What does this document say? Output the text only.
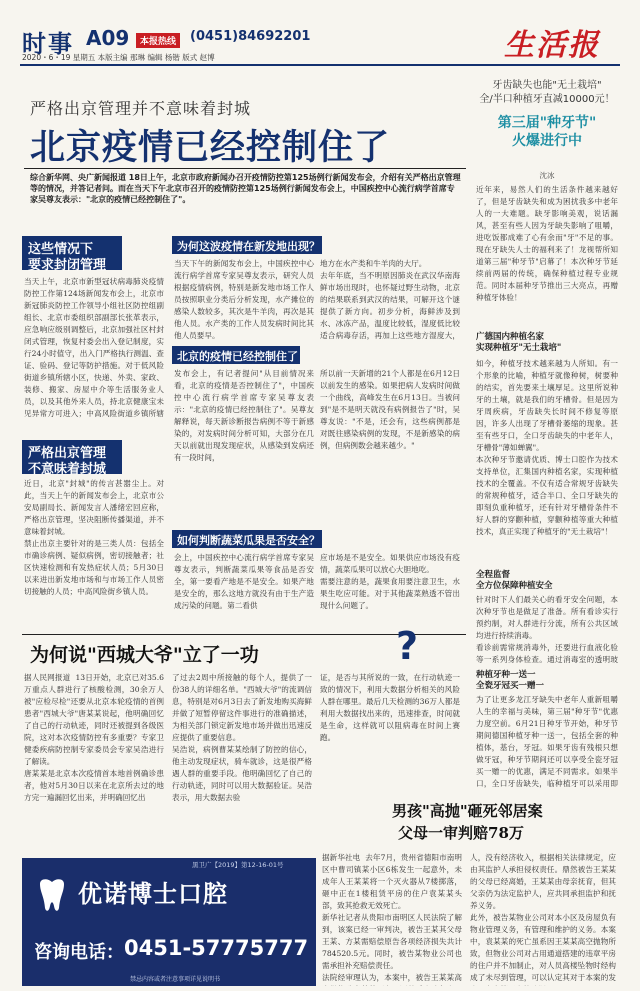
时事 A09	本报热线	(0451)84692201
2020・6・19 星期五 本版主编 那琳 编辑 杨锴 版式 赵博	生活报
严格出京管理并不意味着封城
北京疫情已经控制住了
综合新华网、央广新闻报道 18日上午，北京市政府新闻办召开疫情防控第125场例行新闻发布会，介绍有关严格出京管理等的情况，并答记者问。而在当天下午北京市召开的疫情防控第125场例行新闻发布会上，中国疾控中心流行病学首席专家吴尊友表示："北京的疫情已经控制住了"。
牙齿缺失也能"无土栽培"
全/半口种植牙直减10000元！
第三届"种牙节"
火爆进行中
沈冰
近年来，易然人们的生活条件越来越好了，但是牙齿缺失和成为困扰我多中老年人的一大难题。缺牙影响美观，说话漏风，甚至有些人因为牙缺失影响了咀嚼，进吃饭都成难了心有余而"牙"不足的事。现在牙缺失人士的福利来了！龙视帮所知道第三届"种牙节"启幕了！本次种牙节延续前两届的传统，确保种植过程专业规范。同时本届种牙节推出三大亮点，再赠种植牙体验！
广德国内种植名家
实现种植牙"无土栽培"
如今，种植牙技术越来越为人所知。有一个形象的比喻，种植牙就像种树，树要种的结实，首先要来土壤厚足。这里所说种牙的土壤，就是我们的牙槽骨。但是因为牙周疾病，牙齿缺失长时间不修复等原因，许多人出现了牙槽骨萎缩的现象。甚至有些牙口，全口牙齿缺失的中老年人，牙槽骨"薄如蝉翼"。
本次种牙节邀请优质、博士口腔作为技术支持单位，汇集国内种植名家，实现种植技术的全覆盖。不仅有适合常规牙齿缺失的常规种植牙，适合半口、全口牙缺失的即刻负重种植牙，还有针对牙槽骨条件不好人群的穿颧种植，穿颧种植等重大种植技术，真正实现了种植牙的"无土栽培"！
全程监督
全方位保障种植安全
针对时下人们最关心的看牙安全问题，本次种牙节也是做足了准备。所有看诊实行预约制，对人群进行分流，所有公共区域均进行持续消毒。
看诊前需常规消毒外，还要进行血液化验等一系列身体检查。通过消毒室的透明玻
种植牙种一送一
全瓷牙冠买一赠一
为了让更多龙江牙缺失中老年人重新咀嚼人生的幸福与美味，第三届"种牙节"优惠力度空前。6月21日种牙节开始，种牙节期间德国种植牙种一送一，包括全套的种植体，基台，牙冠。如果牙齿有残根只想做牙冠，种牙节期间还可以享受全瓷牙冠买一赠一的优惠，满足不同需求。如果半口，全口牙齿缺失，临种植牙可以采用即
这些情况下
要求封闭管理
当天上午，北京市新型冠状病毒肺炎疫情防控工作第124场新闻发布会上，北京市新冠肺炎防控工作领导小组社区防控组副组长、北京市委组织部副部长张革表示，应急响应级别调整后，北京加强社区村封闭式管理，恢复村委会出入登记制度，实行24小时值守，出入门严格执行测温、查证、验码、登记等防护措施。对于低风险街道乡镇所辖小区，快递、外卖、家政、装修、搬家、房屋中介等生活服务业人员，以及其他外来人员，持北京健康宝未见异常方可进入；中高风险街道乡镇所辖
严格出京管理
不意味着封城
近日，北京"封城"的传言甚嚣尘上。对此，当天上午的新闻发布会上，北京市公安局副局长、新闻发言人潘绪宏回应称，严格出京管理，坚决阻断传播渠道，并不意味着封城。
禁止出京主要针对的是三类人员：包括全市确诊病例、疑似病例，密切接触者；社区快速检测和有发热症状人员；5月30日以来进出新发地市场和与市场工作人员密切接触的人员；中高风险街乡镇人员。
为何这波疫情在新发地出现？
当天下午的新闻发布会上，中国疾控中心流行病学首席专家吴尊友表示，研究人员根据疫情病例，特别是新发地市场工作人员按照职业分类后分析发现，水产摊位的感染人数较多，其次是牛羊肉，再次是其他人员。水产类的工作人员发病时间比其他人员要早。

地方在水产类和牛羊肉的大厅。
去年年底，当不明原因肺炎在武汉华南海鲜市场出现时，也怀疑过野生动物，北京的结果联系到武汉的结果，可解开这个谜提供了新方向。初步分析，海鲜涉及到水、冰冻产品，温度比较低，湿度低比较适合病毒存活，再加上这些地方湿度大，
北京的疫情已经控制住了
发布会上，有记者提问"从目前情况来看，北京的疫情是否控制住了"，中国疾控中心流行病学首席专家吴尊友表示："北京的疫情已经控制住了"。吴尊友解释说，每天新诊断报告病例不等于新感染的，对发病时间分析可知，大部分在几天以前就出现发现症状，从感染到发病还有一段时间，
所以前一天新增的21个人都是在6月12日以前发生的感染。如果把病人发病时间做一个曲线，高峰发生在6月13日。当被问到"是不是明天就没有病例报告了"时，吴尊友说："不是，还会有，这些病例都是对既往感染病例的发现，不是新感染的病例，但病例数会越来越少。"
如何判断蔬菜瓜果是否安全？
会上，中国疾控中心流行病学首席专家吴尊友表示，判断蔬菜瓜果等食品是否安全，第一要看产地是不是安全。如果产地是安全的，那么这地方就没有由于生产造成污染的问题。第二看供
应市场是不是安全。如果供应市场没有疫情，蔬菜瓜果可以放心大胆地吃。
需要注意的是，蔬果食用要注意卫生，水果生吃应可能。对于其他蔬菜熟透不管出现什么问题了。
为何说"西城大爷"立了一功	?
据人民网报道  13日开始，北京已对35.6万重点人群进行了核酸检测，30余万人被"应检尽检"还要从北京本轮疫情的首例患者"西城大爷"唐某某说起，他明确回忆了自己的行动轨迹，同时还被提到各级医院，这对本次疫情防控有多重要？专家卫健委疾病防控制专家委员会专家吴浩进行了解读。
唐某某是北京本次疫情首本地首例确诊患者，他对5月30日以来在北京所去过的地方完一遍漏回忆出来，并明确回忆出
了过去2周中所接触的每个人，提供了一份38人的详细名单。"西城大爷"的流调信息，特别是对6月3日去了新发地购买海鲜并做了短暂停留这件事进行的准确描述，为相关部门锁定新发地市场并做出迅速反应提供了重要信息。
吴浩说，病例曹某某绘制了防控的信心，他主动发现症状，骑车就诊，这是很严格遇人群的重要手段。他明确回忆了自己的行动轨迹，同时可以用大数据验证。吴浩表示，用大数据去验
证，是否与其所说的一致，在行动轨迹一致的情况下，利用大数据分析相关的风险人群在哪里。最后几天检测的36万人都是利用大数据找出来的，迅速排查，时间就是生命，这样就可以阻病毒在时间上赛跑。
男孩"高抛"砸死邻居案
父母一审判赔78万
据新华社电  去年7月，贵州省德阳市南明区中曹司镇某小区6栋发生一起意外，未成年人王某某将一个灭火器从7楼掷落，砸中正在1楼租赁平房的住户袁某某头部，致其抢救无效死亡。
新华社记者从贵阳市南明区人民法院了解到，该案已经一审判决，被告王某其父母王某、方某需赔偿原告各项经济损失共计784520.5元。同时，被告某物业公司也需承担补充赔偿责任。
法院经审理认为，本案中，被告王某某高
人，没有经济收入，根据相关法律规定，应由其监护人承担侵权责任。鼎然被告王某某的父母已经离婚，王某某由母亲抚育，但其父亲仍为法定监护人，应共同承担监护和抚养义务。
此外，被告某物业公司对本小区及房屋负有物业管理义务，有管理和维护的义务。本案中，袁某某的死亡虽系因王某某高空抛物所致，但物业公司对占用通道搭建的违章平房的住户并不加制止，对人员高楼坠物时经构成了未尽到管理，可以认定其对于本案的发
黑卫广【2019】第12-16-01号
优诺博士口腔
咨询电话： 0451-57775777
禁忌内容或者注意事项详见说明书
